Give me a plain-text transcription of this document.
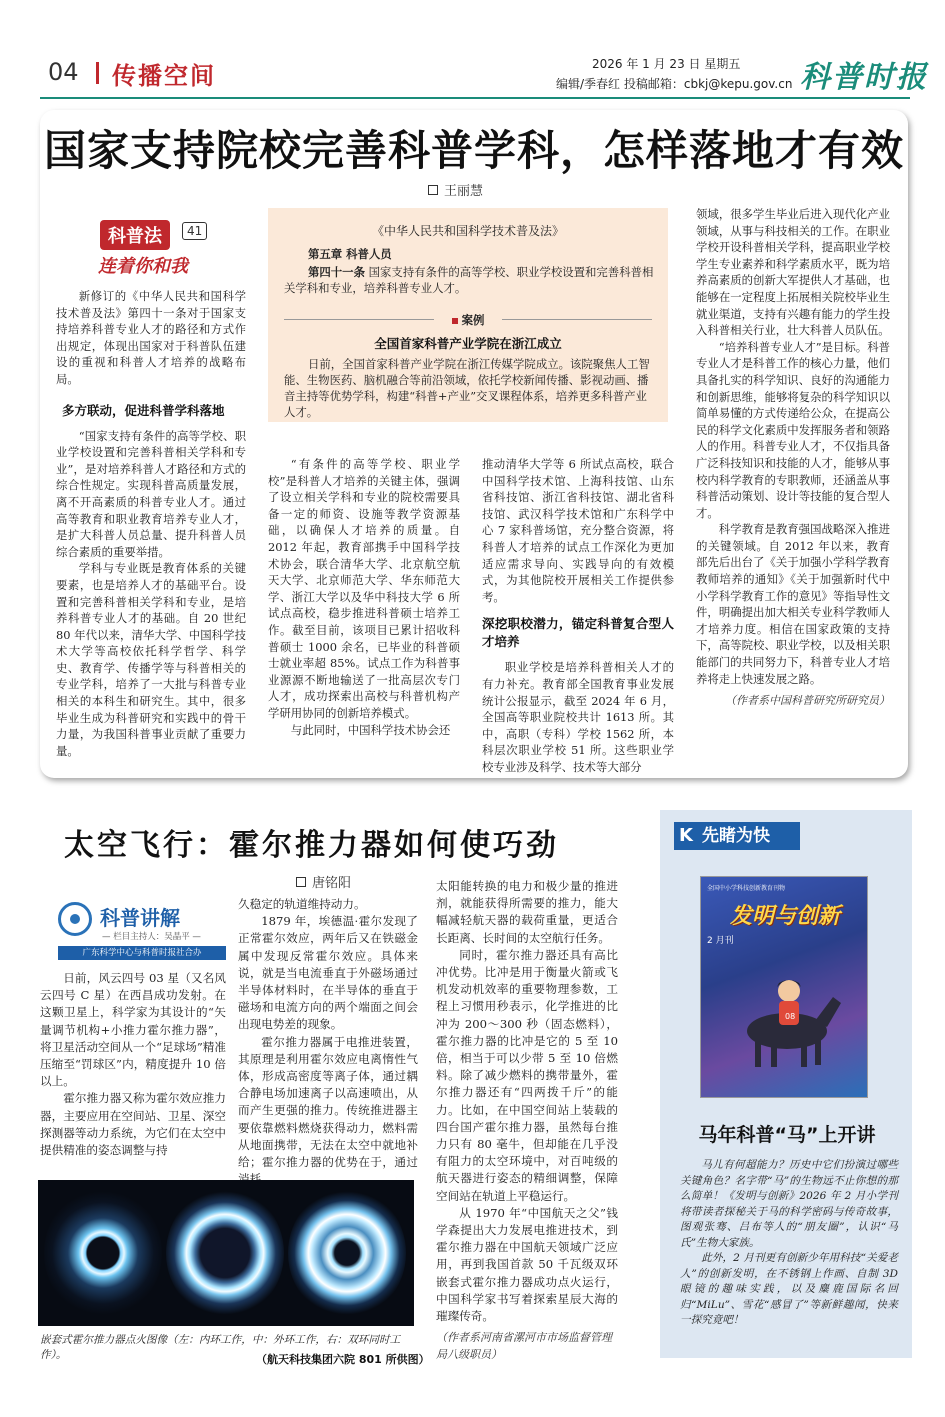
04 传播空间	2026 年 1 月 23 日 星期五
编辑/季春红 投稿邮箱：cbkj@kepu.gov.cn 科普时报
国家支持院校完善科普学科，怎样落地才有效
王丽慧
科普法	41
连着你和我
《中华人民共和国科学技术普及法》
第五章 科普人员
第四十一条 国家支持有条件的高等学校、职业学校设置和完善科普相关学科和专业，培养科普专业人才。
案例
全国首家科普产业学院在浙江成立
日前，全国首家科普产业学院在浙江传媒学院成立。该院聚焦人工智能、生物医药、脑机融合等前沿领域，依托学校新闻传播、影视动画、播音主持等优势学科，构建“科普+产业”交叉课程体系，培养更多科普产业人才。

新修订的《中华人民共和国科学技术普及法》第四十一条对于国家支持培养科普专业人才的路径和方式作出规定，体现出国家对于科普队伍建设的重视和科普人才培养的战略布局。

多方联动，促进科普学科落地

“国家支持有条件的高等学校、职业学校设置和完善科普相关学科和专业”，是对培养科普人才路径和方式的综合性规定。实现科普高质量发展，离不开高素质的科普专业人才。通过高等教育和职业教育培养专业人才，是扩大科普人员总量、提升科普人员综合素质的重要举措。

学科与专业既是教育体系的关键要素，也是培养人才的基础平台。设置和完善科普相关学科和专业，是培养科普专业人才的基础。自 20 世纪 80 年代以来，清华大学、中国科学技术大学等高校依托科学哲学、科学史、教育学、传播学等与科普相关的专业学科，培养了一大批与科普专业相关的本科生和研究生。其中，很多毕业生成为科普研究和实践中的骨干力量，为我国科普事业贡献了重要力量。

“有条件的高等学校、职业学校”是科普人才培养的关键主体，强调了设立相关学科和专业的院校需要具备一定的师资、设施等教学资源基础，以确保人才培养的质量。自 2012 年起，教育部携手中国科学技术协会，联合清华大学、北京航空航天大学、北京师范大学、华东师范大学、浙江大学以及华中科技大学 6 所试点高校，稳步推进科普硕士培养工作。截至目前，该项目已累计招收科普硕士 1000 余名，已毕业的科普硕士就业率超 85%。试点工作为科普事业源源不断地输送了一批高层次专门人才，成功探索出高校与科普机构产学研用协同的创新培养模式。

与此同时，中国科学技术协会还

推动清华大学等 6 所试点高校，联合中国科学技术馆、上海科技馆、山东省科技馆、浙江省科技馆、湖北省科技馆、武汉科学技术馆和广东科学中心 7 家科普场馆，充分整合资源，将科普人才培养的试点工作深化为更加适应需求导向、实践导向的有效模式，为其他院校开展相关工作提供参考。

深挖职校潜力，锚定科普复合型人才培养

职业学校是培养科普相关人才的有力补充。教育部全国教育事业发展统计公报显示，截至 2024 年 6 月，全国高等职业院校共计 1613 所。其中，高职（专科）学校 1562 所，本科层次职业学校 51 所。这些职业学校专业涉及科学、技术等大部分

领域，很多学生毕业后进入现代化产业领域，从事与科技相关的工作。在职业学校开设科普相关学科，提高职业学校学生专业素养和科学素质水平，既为培养高素质的创新大军提供人才基础，也能够在一定程度上拓展相关院校毕业生就业渠道，支持有兴趣有能力的学生投入科普相关行业，壮大科普人员队伍。

“培养科普专业人才”是目标。科普专业人才是科普工作的核心力量，他们具备扎实的科学知识、良好的沟通能力和创新思维，能够将复杂的科学知识以简单易懂的方式传递给公众，在提高公民的科学文化素质中发挥服务者和领路人的作用。科普专业人才，不仅指具备广泛科技知识和技能的人才，能够从事校内科学教育的专职教师，还涵盖从事科普活动策划、设计等技能的复合型人才。

科学教育是教育强国战略深入推进的关键领域。自 2012 年以来，教育部先后出台了《关于加强小学科学教育教师培养的通知》《关于加强新时代中小学科学教育工作的意见》等指导性文件，明确提出加大相关专业科学教师人才培养力度。相信在国家政策的支持下，高等院校、职业学校，以及相关职能部门的共同努力下，科普专业人才培养将走上快速发展之路。

（作者系中国科普研究所研究员）
太空飞行：霍尔推力器如何使巧劲
唐铭阳
科普讲解
— 栏目主持人：吴晶平 —
广东科学中心与科普时报社合办

日前，风云四号 03 星（又名风云四号 C 星）在西昌成功发射。在这颗卫星上，科学家为其设计的“矢量调节机构+小推力霍尔推力器”，将卫星活动空间从一个“足球场”精准压缩至“罚球区”内，精度提升 10 倍以上。

霍尔推力器又称为霍尔效应推力器，主要应用在空间站、卫星、深空探测器等动力系统，为它们在太空中提供精准的姿态调整与持

久稳定的轨道维持动力。

1879 年，埃德温·霍尔发现了正常霍尔效应，两年后又在铁磁金属中发现反常霍尔效应。具体来说，就是当电流垂直于外磁场通过半导体材料时，在半导体的垂直于磁场和电流方向的两个端面之间会出现电势差的现象。

霍尔推力器属于电推进装置，其原理是利用霍尔效应电离惰性气体，形成高密度等离子体，通过耦合静电场加速离子以高速喷出，从而产生更强的推力。传统推进器主要依靠燃料燃烧获得动力，燃料需从地面携带，无法在太空中就地补给；霍尔推力器的优势在于，通过

太阳能转换的电力和极少量的推进剂，就能获得所需要的推力，能大幅减轻航天器的载荷重量，更适合长距离、长时间的太空航行任务。

同时，霍尔推力器还具有高比冲优势。比冲是用于衡量火箭或飞机发动机效率的重要物理参数，工程上习惯用秒表示，化学推进的比冲为 200～300 秒（固态燃料），霍尔推力器的比冲是它的 5 至 10 倍，相当于可以少带 5 至 10 倍燃料。除了减少燃料的携带量外，霍尔推力器还有“四两拨千斤”的能力。比如，在中国空间站上装载的四台国产霍尔推力器，虽然每台推力只有 80 毫牛，但却能在几乎没有阻力的太空环境中，对百吨级的航天器进行姿态的精细调整，保障空间站在轨道上平稳运行。

从 1970 年“中国航天之父”钱学森提出大力发展电推进技术，到霍尔推力器在中国航天领域广泛应用，再到我国首款 50 千瓦级双环嵌套式霍尔推力器成功点火运行，中国科学家书写着探索星辰大海的璀璨传奇。

（作者系河南省漯河市市场监督管理局八级职员）
嵌套式霍尔推力器点火图像（左：内环工作，中：外环工作，右：双环同时工作）。	（航天科技集团六院 801 所供图）
K 先睹为快
全国中小学科技创新教育刊物
发明与创新
2 月刊
08
马年科普“马”上开讲

马儿有何超能力？历史中它们扮演过哪些关键角色？名字带“马”的生物远不止你想的那么简单！《发明与创新》2026 年 2 月小学刊将带读者探秘关于马的科学密码与传奇故事，图观张骞、吕布等人的“朋友圈”，认识“马氏”生物大家族。

此外，2 月刊更有创新少年用科技“关爱老人”的创新发明，在不锈钢上作画、自制 3D 眼镜的趣味实践，以及麋鹿国际名回归“MiLu”、雪花“感冒了”等新鲜趣闻，快来一探究竟吧！
